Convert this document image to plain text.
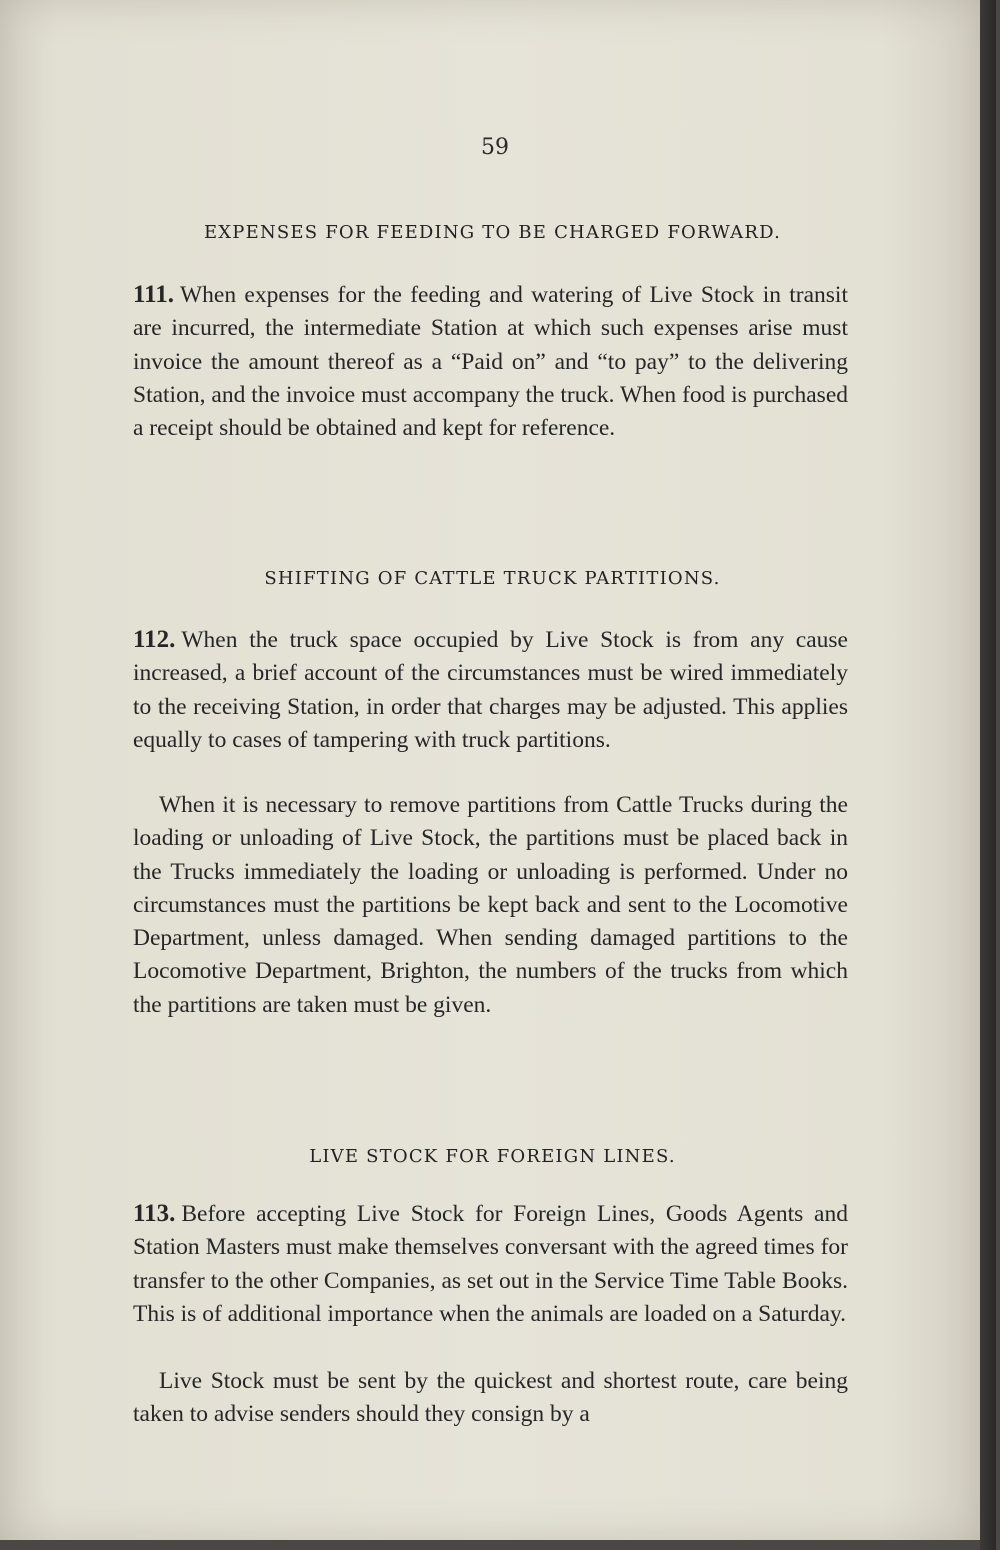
59
EXPENSES FOR FEEDING TO BE CHARGED FORWARD.

111. When expenses for the feeding and watering of Live Stock in transit are incurred, the intermediate Station at which such expenses arise must invoice the amount thereof as a “Paid on” and “to pay” to the delivering Station, and the invoice must accompany the truck. When food is purchased a receipt should be obtained and kept for reference.

SHIFTING OF CATTLE TRUCK PARTITIONS.

112. When the truck space occupied by Live Stock is from any cause increased, a brief account of the circumstances must be wired immediately to the receiving Station, in order that charges may be adjusted. This applies equally to cases of tampering with truck partitions.

When it is necessary to remove partitions from Cattle Trucks during the loading or unloading of Live Stock, the partitions must be placed back in the Trucks immediately the loading or unloading is performed. Under no circumstances must the partitions be kept back and sent to the Locomotive Department, unless damaged. When sending damaged partitions to the Locomotive Department, Brighton, the numbers of the trucks from which the partitions are taken must be given.

LIVE STOCK FOR FOREIGN LINES.

113. Before accepting Live Stock for Foreign Lines, Goods Agents and Station Masters must make themselves conversant with the agreed times for transfer to the other Companies, as set out in the Service Time Table Books. This is of additional importance when the animals are loaded on a Saturday.

Live Stock must be sent by the quickest and shortest route, care being taken to advise senders should they consign by a
